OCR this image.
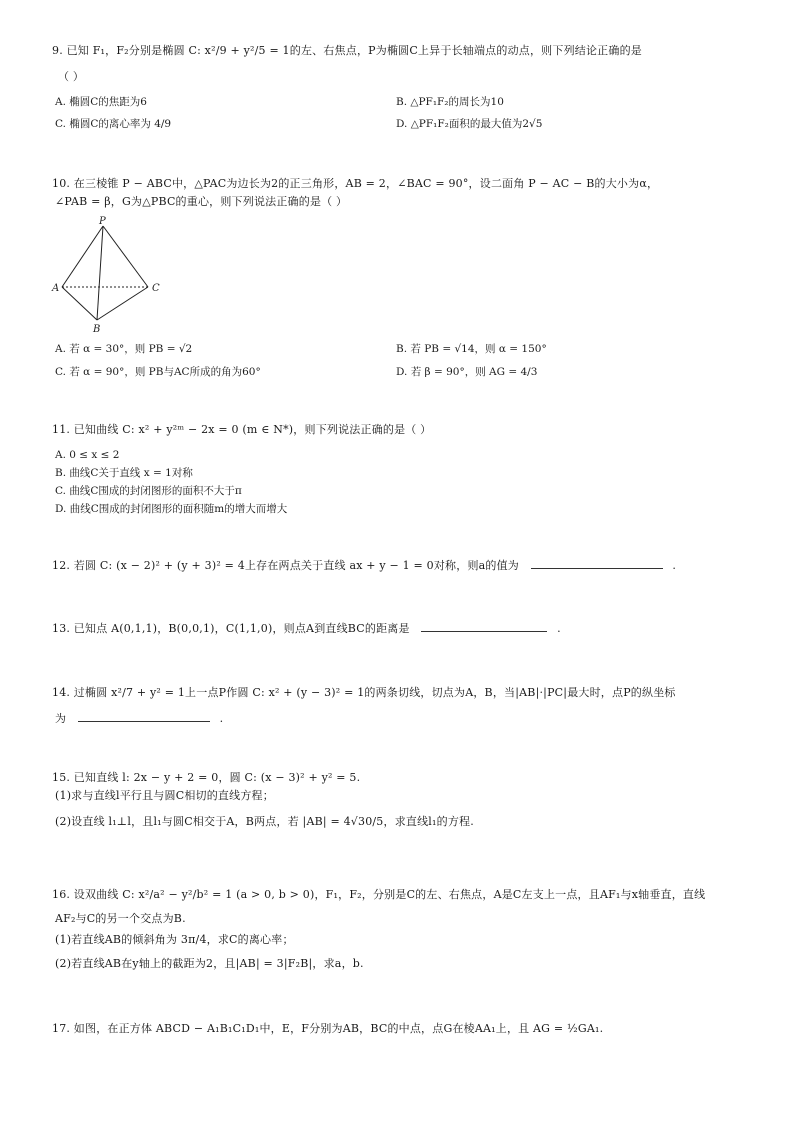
9. 已知 F₁，F₂分别是椭圆 C: x²/9 + y²/5 = 1的左、右焦点，P为椭圆C上异于长轴端点的动点，则下列结论正确的是
（ ）
A. 椭圆C的焦距为6	B. △PF₁F₂的周长为10
C. 椭圆C的离心率为 4/9	D. △PF₁F₂面积的最大值为2√5
10. 在三棱锥 P − ABC中，△PAC为边长为2的正三角形，AB = 2，∠BAC = 90°，设二面角 P − AC − B的大小为α，
∠PAB = β，G为△PBC的重心，则下列说法正确的是（ ）
P
A	C
B
A. 若 α = 30°，则 PB = √2	B. 若 PB = √14，则 α = 150°
C. 若 α = 90°，则 PB与AC所成的角为60°	D. 若 β = 90°，则 AG = 4/3
11. 已知曲线 C: x² + y²ᵐ − 2x = 0 (m ∈ N*)，则下列说法正确的是（ ）
A. 0 ≤ x ≤ 2
B. 曲线C关于直线 x = 1对称
C. 曲线C围成的封闭图形的面积不大于π
D. 曲线C围成的封闭图形的面积随m的增大而增大
12. 若圆 C: (x − 2)² + (y + 3)² = 4上存在两点关于直线 ax + y − 1 = 0对称，则a的值为	.
13. 已知点 A(0,1,1)，B(0,0,1)，C(1,1,0)，则点A到直线BC的距离是	.
14. 过椭圆 x²/7 + y² = 1上一点P作圆 C: x² + (y − 3)² = 1的两条切线，切点为A，B，当|AB|·|PC|最大时，点P的纵坐标
为	.
15. 已知直线 l: 2x − y + 2 = 0，圆 C: (x − 3)² + y² = 5.
(1)求与直线l平行且与圆C相切的直线方程；
(2)设直线 l₁⊥l，且l₁与圆C相交于A，B两点，若 |AB| = 4√30/5，求直线l₁的方程.
16. 设双曲线 C: x²/a² − y²/b² = 1 (a > 0, b > 0)，F₁，F₂，分别是C的左、右焦点，A是C左支上一点，且AF₁与x轴垂直，直线
AF₂与C的另一个交点为B.
(1)若直线AB的倾斜角为 3π/4，求C的离心率；
(2)若直线AB在y轴上的截距为2，且|AB| = 3|F₂B|，求a，b.
17. 如图，在正方体 ABCD − A₁B₁C₁D₁中，E，F分别为AB，BC的中点，点G在棱AA₁上，且 AG = ½GA₁.
